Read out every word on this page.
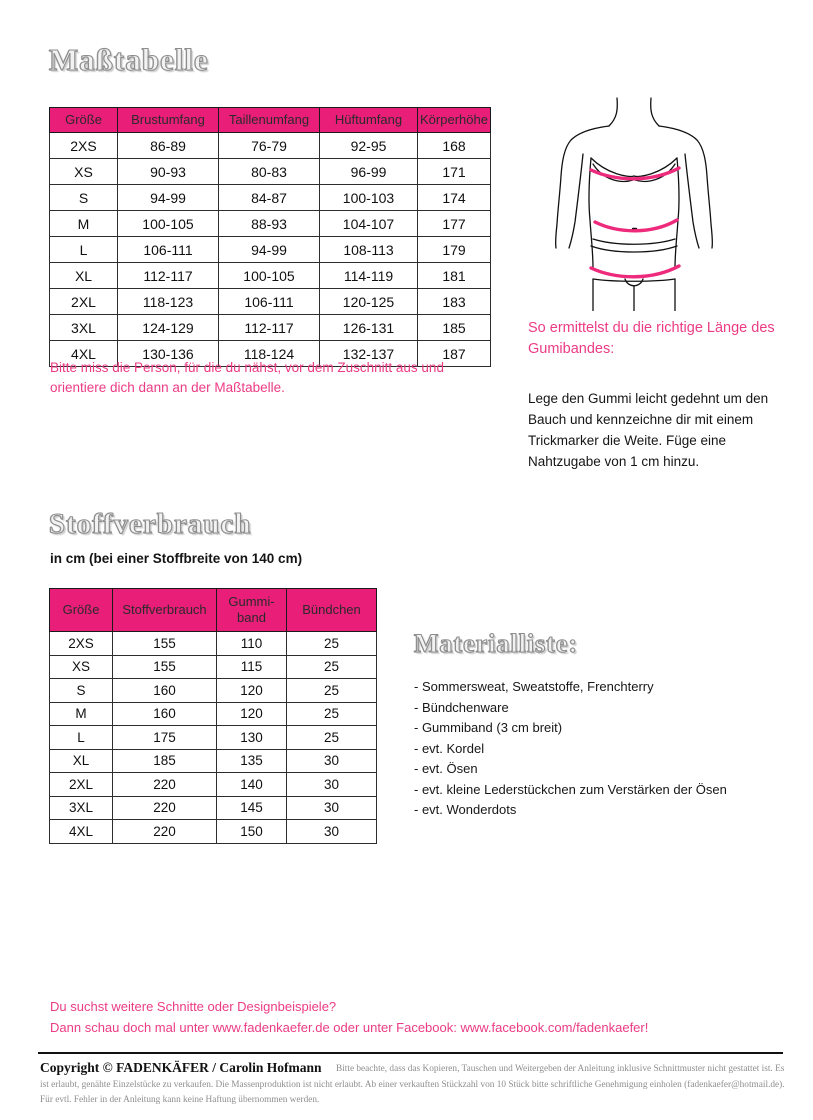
Maßtabelle
Größe	Brustumfang	Taillenumfang	Hüftumfang	Körperhöhe
2XS	86-89	76-79	92-95	168
XS	90-93	80-83	96-99	171
S	94-99	84-87	100-103	174
M	100-105	88-93	104-107	177
L	106-111	94-99	108-113	179
XL	112-117	100-105	114-119	181
2XL	118-123	106-111	120-125	183
3XL	124-129	112-117	126-131	185
4XL	130-136	118-124	132-137	187
Bitte miss die Person, für die du nähst, vor dem Zuschnitt aus und orientiere dich dann an der Maßtabelle.
So ermittelst du die richtige Länge des Gumibandes:
Lege den Gummi leicht gedehnt um den Bauch und kennzeichne dir mit einem Trickmarker die Weite. Füge eine Nahtzugabe von 1 cm hinzu.
Stoffverbrauch
in cm (bei einer Stoffbreite von 140 cm)
Größe	Stoffverbrauch	Gummi-band	Bündchen
2XS	155	110	25
XS	155	115	25
S	160	120	25
M	160	120	25
L	175	130	25
XL	185	135	30
2XL	220	140	30
3XL	220	145	30
4XL	220	150	30
Materialliste:
- Sommersweat, Sweatstoffe, Frenchterry
- Bündchenware
- Gummiband (3 cm breit)
- evt. Kordel
- evt. Ösen
- evt. kleine Lederstückchen zum Verstärken der Ösen
- evt. Wonderdots
Du suchst weitere Schnitte oder Designbeispiele?
Dann schau doch mal unter www.fadenkaefer.de oder unter Facebook: www.facebook.com/fadenkaefer!
Bitte beachte, dass das Kopieren, Tauschen und Weitergeben der Anleitung inklusive Schnittmuster nicht gestattet ist. Es ist erlaubt, genähte Einzelstücke zu verkaufen. Die Massenproduktion ist nicht erlaubt. Ab einer verkauften Stückzahl von 10 Stück bitte schriftliche Genehmigung einholen (fadenkaefer@hotmail.de). Für evtl. Fehler in der Anleitung kann keine Haftung übernommen werden.
Copyright © FADENKÄFER / Carolin Hofmann
